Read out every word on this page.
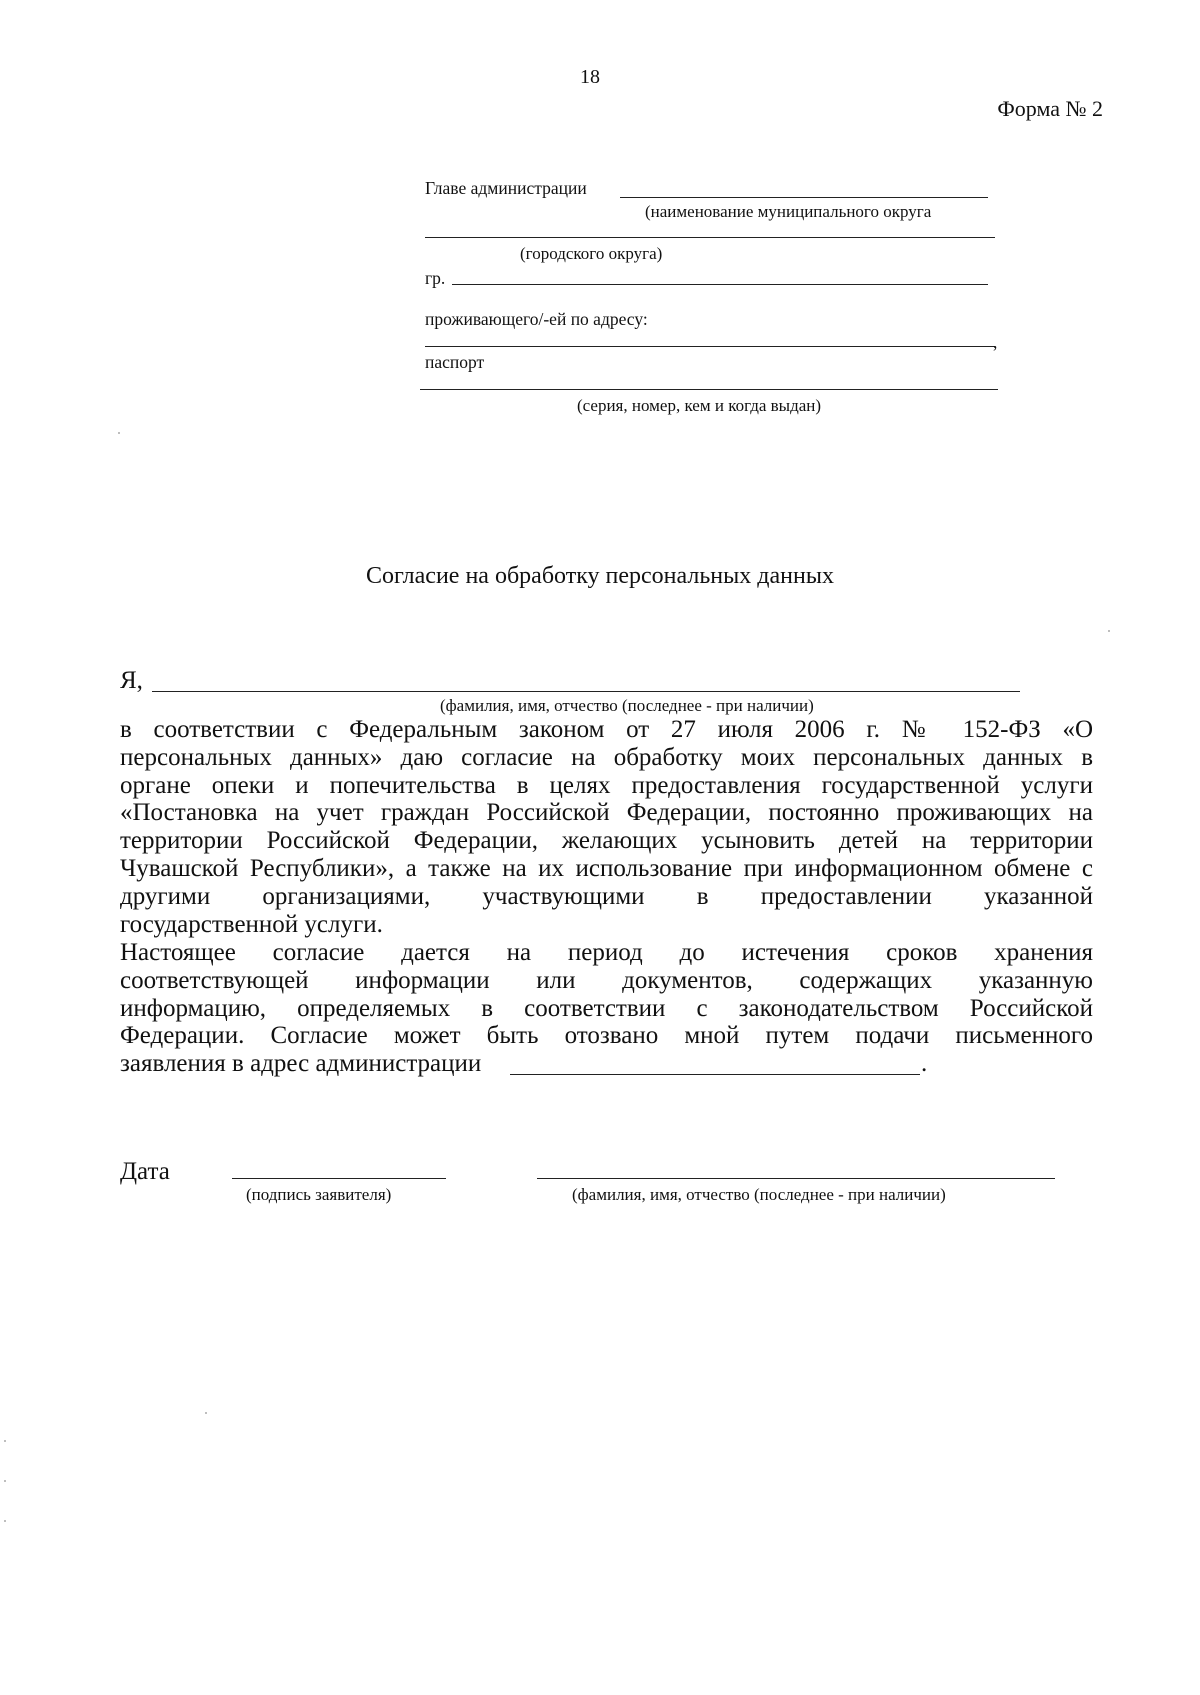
18
Форма № 2
Главе администрации
(наименование муниципального округа
(городского округа)
гр.
проживающего/-ей по адресу:
,
паспорт
(серия, номер, кем и когда выдан)
Согласие на обработку персональных данных
Я,
(фамилия, имя, отчество (последнее - при наличии)

в соответствии с Федеральным законом от 27 июля 2006 г. № 152-ФЗ «О

персональных данных» даю согласие на обработку моих персональных данных в

органе опеки и попечительства в целях предоставления государственной услуги

«Постановка на учет граждан Российской Федерации, постоянно проживающих на

территории Российской Федерации, желающих усыновить детей на территории

Чувашской Республики», а также на их использование при информационном обмене с

другими организациями, участвующими в предоставлении указанной

государственной услуги.

Настоящее согласие дается на период до истечения сроков хранения

соответствующей информации или документов, содержащих указанную

информацию, определяемых в соответствии с законодательством Российской

Федерации. Согласие может быть отозвано мной путем подачи письменного

заявления в адрес администрации	.
Дата
(подпись заявителя)	(фамилия, имя, отчество (последнее - при наличии)
